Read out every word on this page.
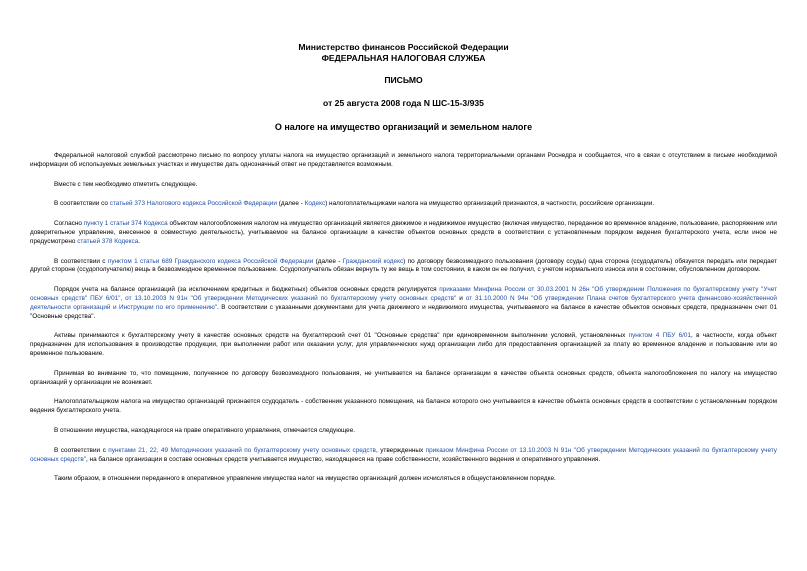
Министерство финансов Российской Федерации
ФЕДЕРАЛЬНАЯ НАЛОГОВАЯ СЛУЖБА
ПИСЬМО
от 25 августа 2008 года N ШС-15-3/935
О налоге на имущество организаций и земельном налоге

Федеральной налоговой службой рассмотрено письмо по вопросу уплаты налога на имущество организаций и земельного налога территориальными органами Роснедра и сообщается, что в связи с отсутствием в письме необходимой информации об используемых земельных участках и имуществе дать однозначный ответ не представляется возможным.

Вместе с тем необходимо отметить следующее.

В соответствии со статьей 373 Налогового кодекса Российской Федерации (далее - Кодекс) налогоплательщиками налога на имущество организаций признаются, в частности, российские организации.

Согласно пункту 1 статьи 374 Кодекса объектом налогообложения налогом на имущество организаций является движимое и недвижимое имущество (включая имущество, переданное во временное владение, пользование, распоряжение или доверительное управление, внесенное в совместную деятельность), учитываемое на балансе организации в качестве объектов основных средств в соответствии с установленным порядком ведения бухгалтерского учета, если иное не предусмотрено статьей 378 Кодекса.

В соответствии с пунктом 1 статьи 689 Гражданского кодекса Российской Федерации (далее - Гражданский кодекс) по договору безвозмездного пользования (договору ссуды) одна сторона (ссудодатель) обязуется передать или передает другой стороне (ссудополучателю) вещь в безвозмездное временное пользование. Ссудополучатель обязан вернуть ту же вещь в том состоянии, в каком он ее получил, с учетом нормального износа или в состоянии, обусловленном договором.

Порядок учета на балансе организаций (за исключением кредитных и бюджетных) объектов основных средств регулируется приказами Минфина России от 30.03.2001 N 26н "Об утверждении Положения по бухгалтерскому учету "Учет основных средств" ПБУ 6/01", от 13.10.2003 N 91н "Об утверждении Методических указаний по бухгалтерскому учету основных средств" и от 31.10.2000 N 94н "Об утверждении Плана счетов бухгалтерского учета финансово-хозяйственной деятельности организаций и Инструкции по его применению". В соответствии с указанными документами для учета движимого и недвижимого имущества, учитываемого на балансе в качестве объектов основных средств, предназначен счет 01 "Основные средства".

Активы принимаются к бухгалтерскому учету в качестве основных средств на бухгалтерский счет 01 "Основные средства" при единовременном выполнении условий, установленных пунктом 4 ПБУ 6/01, в частности, когда объект предназначен для использования в производстве продукции, при выполнении работ или оказании услуг, для управленческих нужд организации либо для предоставления организацией за плату во временное владение и пользование или во временное пользование.

Принимая во внимание то, что помещение, полученное по договору безвозмездного пользования, не учитывается на балансе организации в качестве объекта основных средств, объекта налогообложения по налогу на имущество организаций у организации не возникает.

Налогоплательщиком налога на имущество организаций признается ссудодатель - собственник указанного помещения, на балансе которого оно учитывается в качестве объекта основных средств в соответствии с установленным порядком ведения бухгалтерского учета.

В отношении имущества, находящегося на праве оперативного управления, отмечается следующее.

В соответствии с пунктами 21, 22, 49 Методических указаний по бухгалтерскому учету основных средств, утвержденных приказом Минфина России от 13.10.2003 N 91н "Об утверждении Методических указаний по бухгалтерскому учету основных средств", на балансе организации в составе основных средств учитывается имущество, находящееся на праве собственности, хозяйственного ведения и оперативного управления.

Таким образом, в отношении переданного в оперативное управление имущества налог на имущество организаций должен исчисляться в общеустановленном порядке.
